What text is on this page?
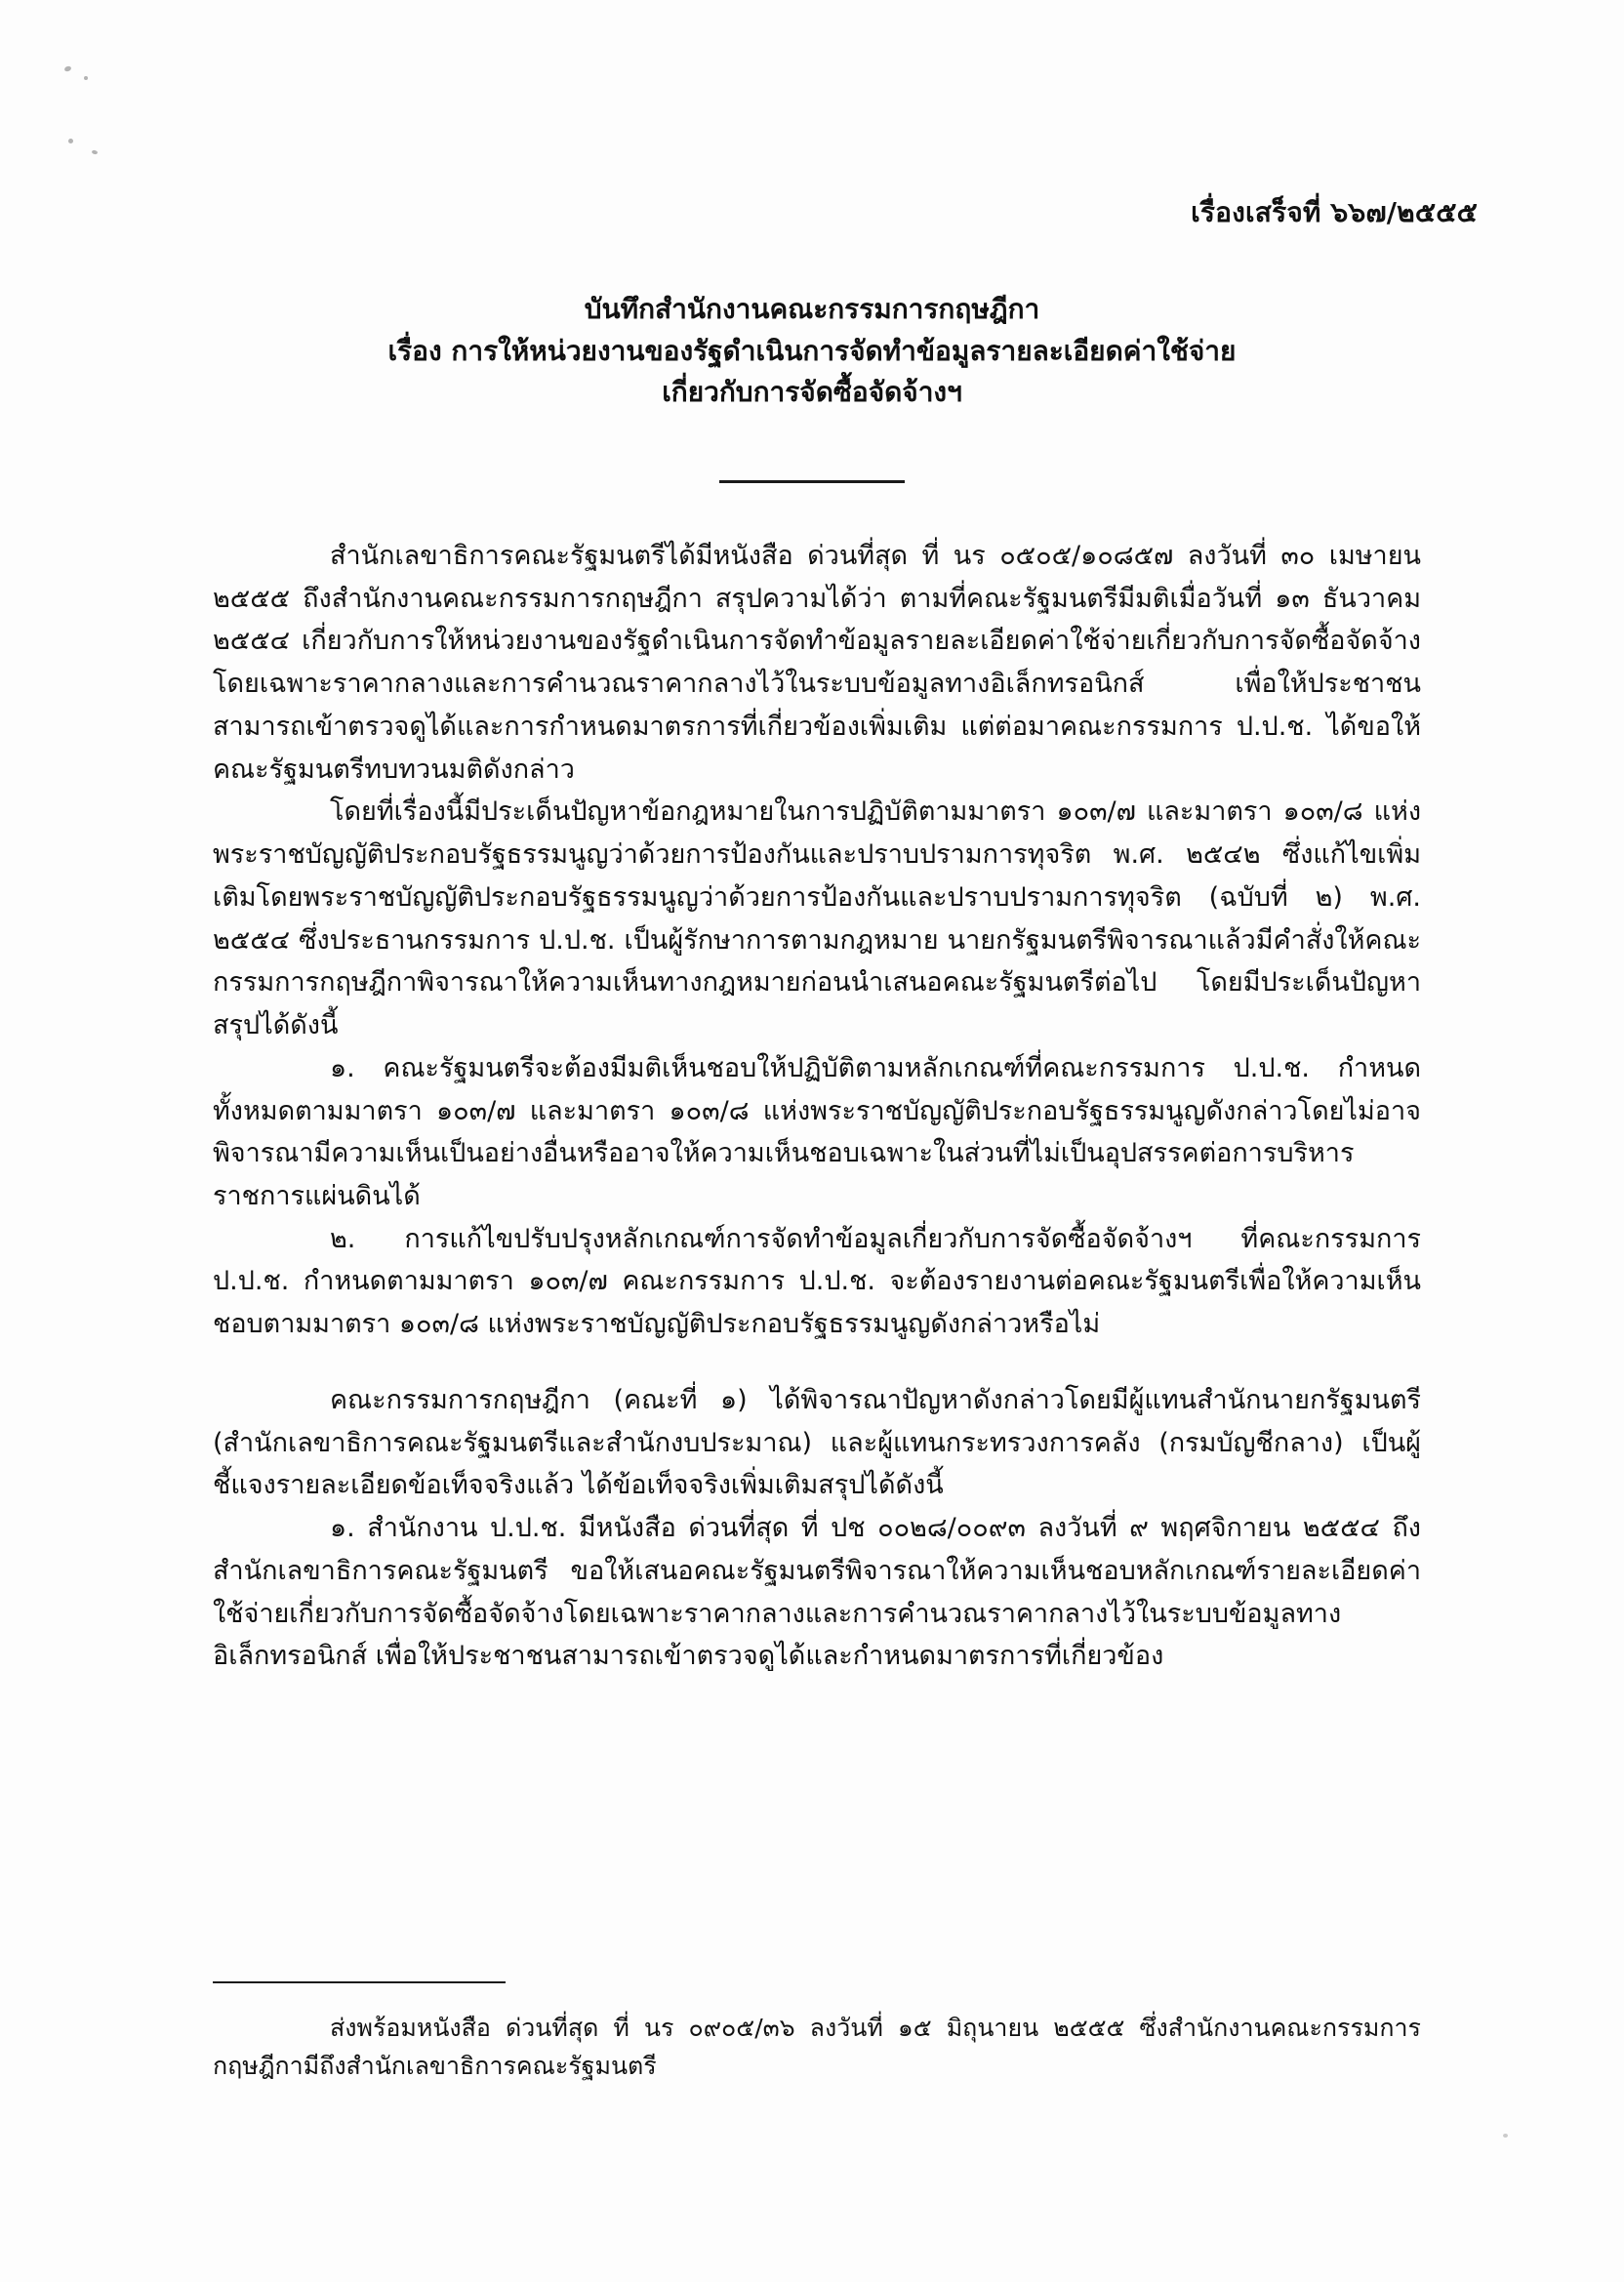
เรื่องเสร็จที่ ๖๖๗/๒๕๕๕

บันทึกสำนักงานคณะกรรมการกฤษฎีกา

เรื่อง การให้หน่วยงานของรัฐดำเนินการจัดทำข้อมูลรายละเอียดค่าใช้จ่าย

เกี่ยวกับการจัดซื้อจัดจ้างฯ

สำนักเลขาธิการคณะรัฐมนตรีได้มีหนังสือ ด่วนที่สุด ที่ นร ๐๕๐๕/๑๐๘๕๗ ลงวันที่ ๓๐ เมษายน ๒๕๕๕ ถึงสำนักงานคณะกรรมการกฤษฎีกา สรุปความได้ว่า ตามที่คณะรัฐมนตรีมีมติเมื่อวันที่ ๑๓ ธันวาคม ๒๕๕๔ เกี่ยวกับการให้หน่วยงานของรัฐดำเนินการจัดทำข้อมูลรายละเอียดค่าใช้จ่ายเกี่ยวกับการจัดซื้อจัดจ้างโดยเฉพาะราคากลางและการคำนวณราคากลางไว้ในระบบข้อมูลทางอิเล็กทรอนิกส์ เพื่อให้ประชาชนสามารถเข้าตรวจดูได้และการกำหนดมาตรการที่เกี่ยวข้องเพิ่มเติม แต่ต่อมาคณะกรรมการ ป.ป.ช. ได้ขอให้คณะรัฐมนตรีทบทวนมติดังกล่าว

โดยที่เรื่องนี้มีประเด็นปัญหาข้อกฎหมายในการปฏิบัติตามมาตรา ๑๐๓/๗ และมาตรา ๑๐๓/๘ แห่งพระราชบัญญัติประกอบรัฐธรรมนูญว่าด้วยการป้องกันและปราบปรามการทุจริต พ.ศ. ๒๕๔๒ ซึ่งแก้ไขเพิ่มเติมโดยพระราชบัญญัติประกอบรัฐธรรมนูญว่าด้วยการป้องกันและปราบปรามการทุจริต (ฉบับที่ ๒) พ.ศ. ๒๕๕๔ ซึ่งประธานกรรมการ ป.ป.ช. เป็นผู้รักษาการตามกฎหมาย นายกรัฐมนตรีพิจารณาแล้วมีคำสั่งให้คณะกรรมการกฤษฎีกาพิจารณาให้ความเห็นทางกฎหมายก่อนนำเสนอคณะรัฐมนตรีต่อไป โดยมีประเด็นปัญหาสรุปได้ดังนี้

๑. คณะรัฐมนตรีจะต้องมีมติเห็นชอบให้ปฏิบัติตามหลักเกณฑ์ที่คณะกรรมการ ป.ป.ช. กำหนดทั้งหมดตามมาตรา ๑๐๓/๗ และมาตรา ๑๐๓/๘ แห่งพระราชบัญญัติประกอบรัฐธรรมนูญดังกล่าวโดยไม่อาจพิจารณามีความเห็นเป็นอย่างอื่นหรืออาจให้ความเห็นชอบเฉพาะในส่วนที่ไม่เป็นอุปสรรคต่อการบริหารราชการแผ่นดินได้

๒. การแก้ไขปรับปรุงหลักเกณฑ์การจัดทำข้อมูลเกี่ยวกับการจัดซื้อจัดจ้างฯ ที่คณะกรรมการ ป.ป.ช. กำหนดตามมาตรา ๑๐๓/๗ คณะกรรมการ ป.ป.ช. จะต้องรายงานต่อคณะรัฐมนตรีเพื่อให้ความเห็นชอบตามมาตรา ๑๐๓/๘ แห่งพระราชบัญญัติประกอบรัฐธรรมนูญดังกล่าวหรือไม่

คณะกรรมการกฤษฎีกา (คณะที่ ๑) ได้พิจารณาปัญหาดังกล่าวโดยมีผู้แทนสำนักนายกรัฐมนตรี (สำนักเลขาธิการคณะรัฐมนตรีและสำนักงบประมาณ) และผู้แทนกระทรวงการคลัง (กรมบัญชีกลาง) เป็นผู้ชี้แจงรายละเอียดข้อเท็จจริงแล้ว ได้ข้อเท็จจริงเพิ่มเติมสรุปได้ดังนี้

๑. สำนักงาน ป.ป.ช. มีหนังสือ ด่วนที่สุด ที่ ปช ๐๐๒๘/๐๐๙๓ ลงวันที่ ๙ พฤศจิกายน ๒๕๕๔ ถึงสำนักเลขาธิการคณะรัฐมนตรี ขอให้เสนอคณะรัฐมนตรีพิจารณาให้ความเห็นชอบหลักเกณฑ์รายละเอียดค่าใช้จ่ายเกี่ยวกับการจัดซื้อจัดจ้างโดยเฉพาะราคากลางและการคำนวณราคากลางไว้ในระบบข้อมูลทางอิเล็กทรอนิกส์ เพื่อให้ประชาชนสามารถเข้าตรวจดูได้และกำหนดมาตรการที่เกี่ยวข้อง

ส่งพร้อมหนังสือ ด่วนที่สุด ที่ นร ๐๙๐๕/๓๖ ลงวันที่ ๑๕ มิถุนายน ๒๕๕๕ ซึ่งสำนักงานคณะกรรมการกฤษฎีกามีถึงสำนักเลขาธิการคณะรัฐมนตรี
